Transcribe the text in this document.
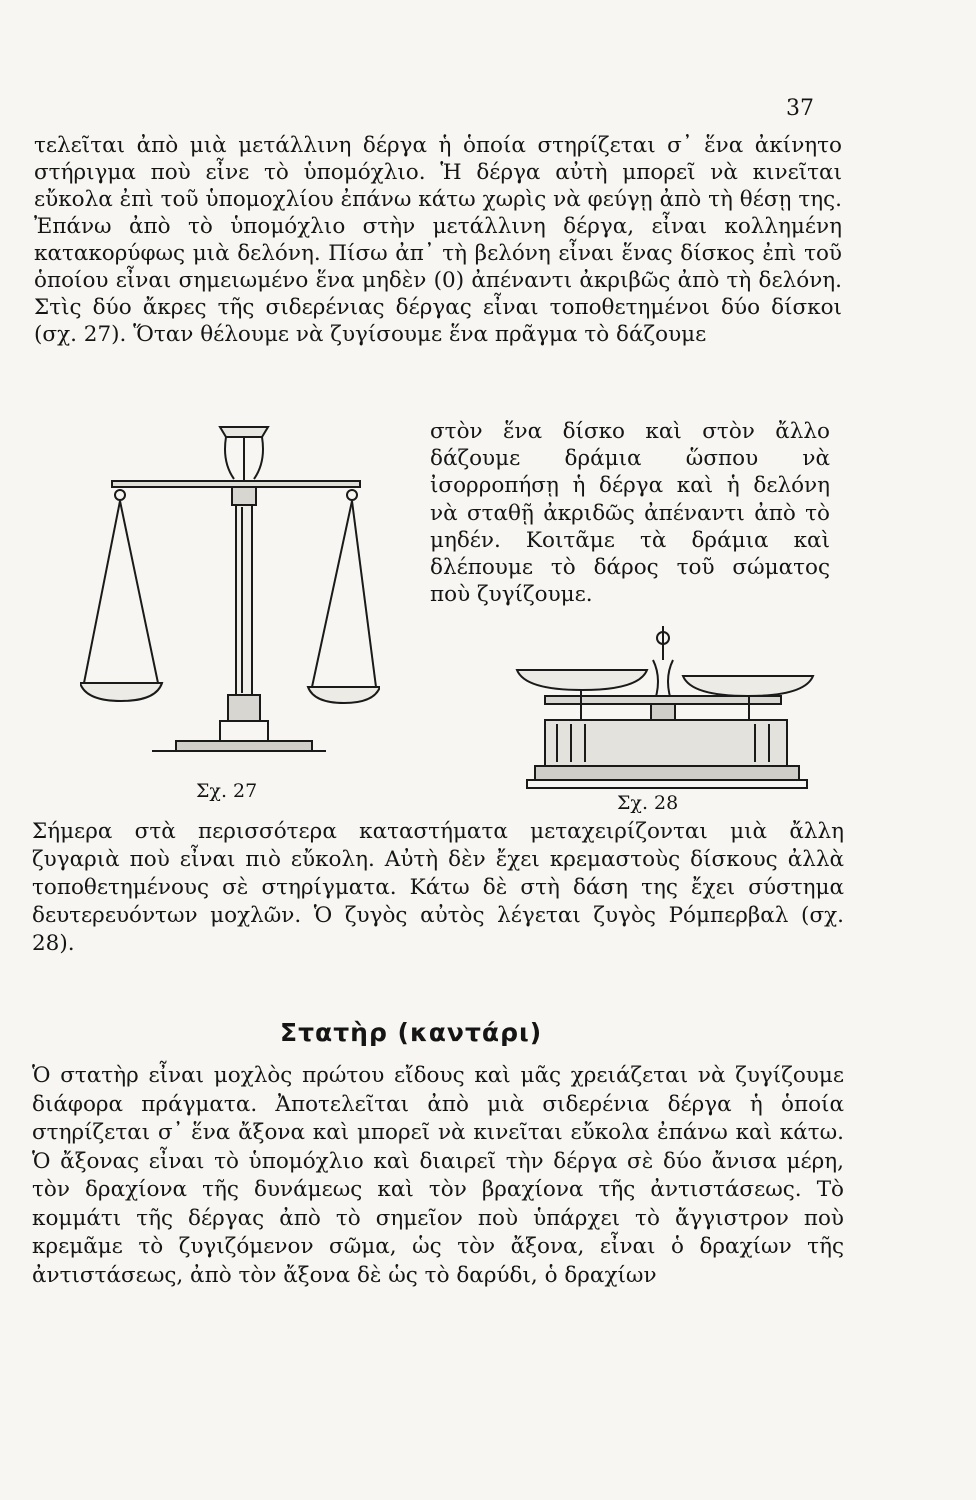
37

τελεῖται ἀπὸ μιὰ μετάλλινη δέργα ἡ ὁποία στηρίζεται σ᾽ ἕνα ἀκίνητο στήριγμα ποὺ εἶνε τὸ ὑπομόχλιο. Ἡ δέργα αὐτὴ μπορεῖ νὰ κινεῖται εὔκολα ἐπὶ τοῦ ὑπομοχλίου ἐπάνω κάτω χωρὶς νὰ φεύγῃ ἀπὸ τὴ θέσῃ της. Ἐπάνω ἀπὸ τὸ ὑπομόχλιο στὴν μετάλλινη δέργα, εἶναι κολλημένη κατακορύφως μιὰ δελόνη. Πίσω ἀπ᾽ τὴ βελόνη εἶναι ἕνας δίσκος ἐπὶ τοῦ ὁποίου εἶναι σημειωμένο ἕνα μηδὲν (0) ἀπέναντι ἀκριβῶς ἀπὸ τὴ δελόνη. Στὶς δύο ἄκρες τῆς σιδερένιας δέργας εἶναι τοποθετημένοι δύο δίσκοι (σχ. 27). Ὅταν θέλουμε νὰ ζυγίσουμε ἕνα πρᾶγμα τὸ δάζουμε

Σχ. 27

στὸν ἕνα δίσκο καὶ στὸν ἄλλο δάζουμε δράμια ὥσπου νὰ ἰσορροπήσῃ ἡ δέργα καὶ ἡ δελόνη νὰ σταθῇ ἀκριδῶς ἀπέναντι ἀπὸ τὸ μηδέν. Κοιτᾶμε τὰ δράμια καὶ δλέπουμε τὸ δάρος τοῦ σώματος ποὺ ζυγίζουμε.

Σχ. 28

Σήμερα στὰ περισσότερα καταστήματα μεταχειρίζονται μιὰ ἄλλη ζυγαριὰ ποὺ εἶναι πιὸ εὔκολη. Αὐτὴ δὲν ἔχει κρεμαστοὺς δίσκους ἀλλὰ τοποθετημένους σὲ στηρίγματα. Κάτω δὲ στὴ δάση της ἔχει σύστημα δευτερευόντων μοχλῶν. Ὁ ζυγὸς αὐτὸς λέγεται ζυγὸς Ρόμπερβαλ (σχ. 28).

Στατὴρ (καντάρι)

Ὁ στατὴρ εἶναι μοχλὸς πρώτου εἴδους καὶ μᾶς χρειάζεται νὰ ζυγίζουμε διάφορα πράγματα. Ἀποτελεῖται ἀπὸ μιὰ σιδερένια δέργα ἡ ὁποία στηρίζεται σ᾽ ἕνα ἄξονα καὶ μπορεῖ νὰ κινεῖται εὔκολα ἐπάνω καὶ κάτω. Ὁ ἄξονας εἶναι τὸ ὑπομόχλιο καὶ διαιρεῖ τὴν δέργα σὲ δύο ἄνισα μέρη, τὸν δραχίονα τῆς δυνάμεως καὶ τὸν βραχίονα τῆς ἀντιστάσεως. Τὸ κομμάτι τῆς δέργας ἀπὸ τὸ σημεῖον ποὺ ὑπάρχει τὸ ἄγγιστρον ποὺ κρεμᾶμε τὸ ζυγιζόμενον σῶμα, ὡς τὸν ἄξονα, εἶναι ὁ δραχίων τῆς ἀντιστάσεως, ἀπὸ τὸν ἄξονα δὲ ὡς τὸ δαρύδι, ὁ δραχίων
